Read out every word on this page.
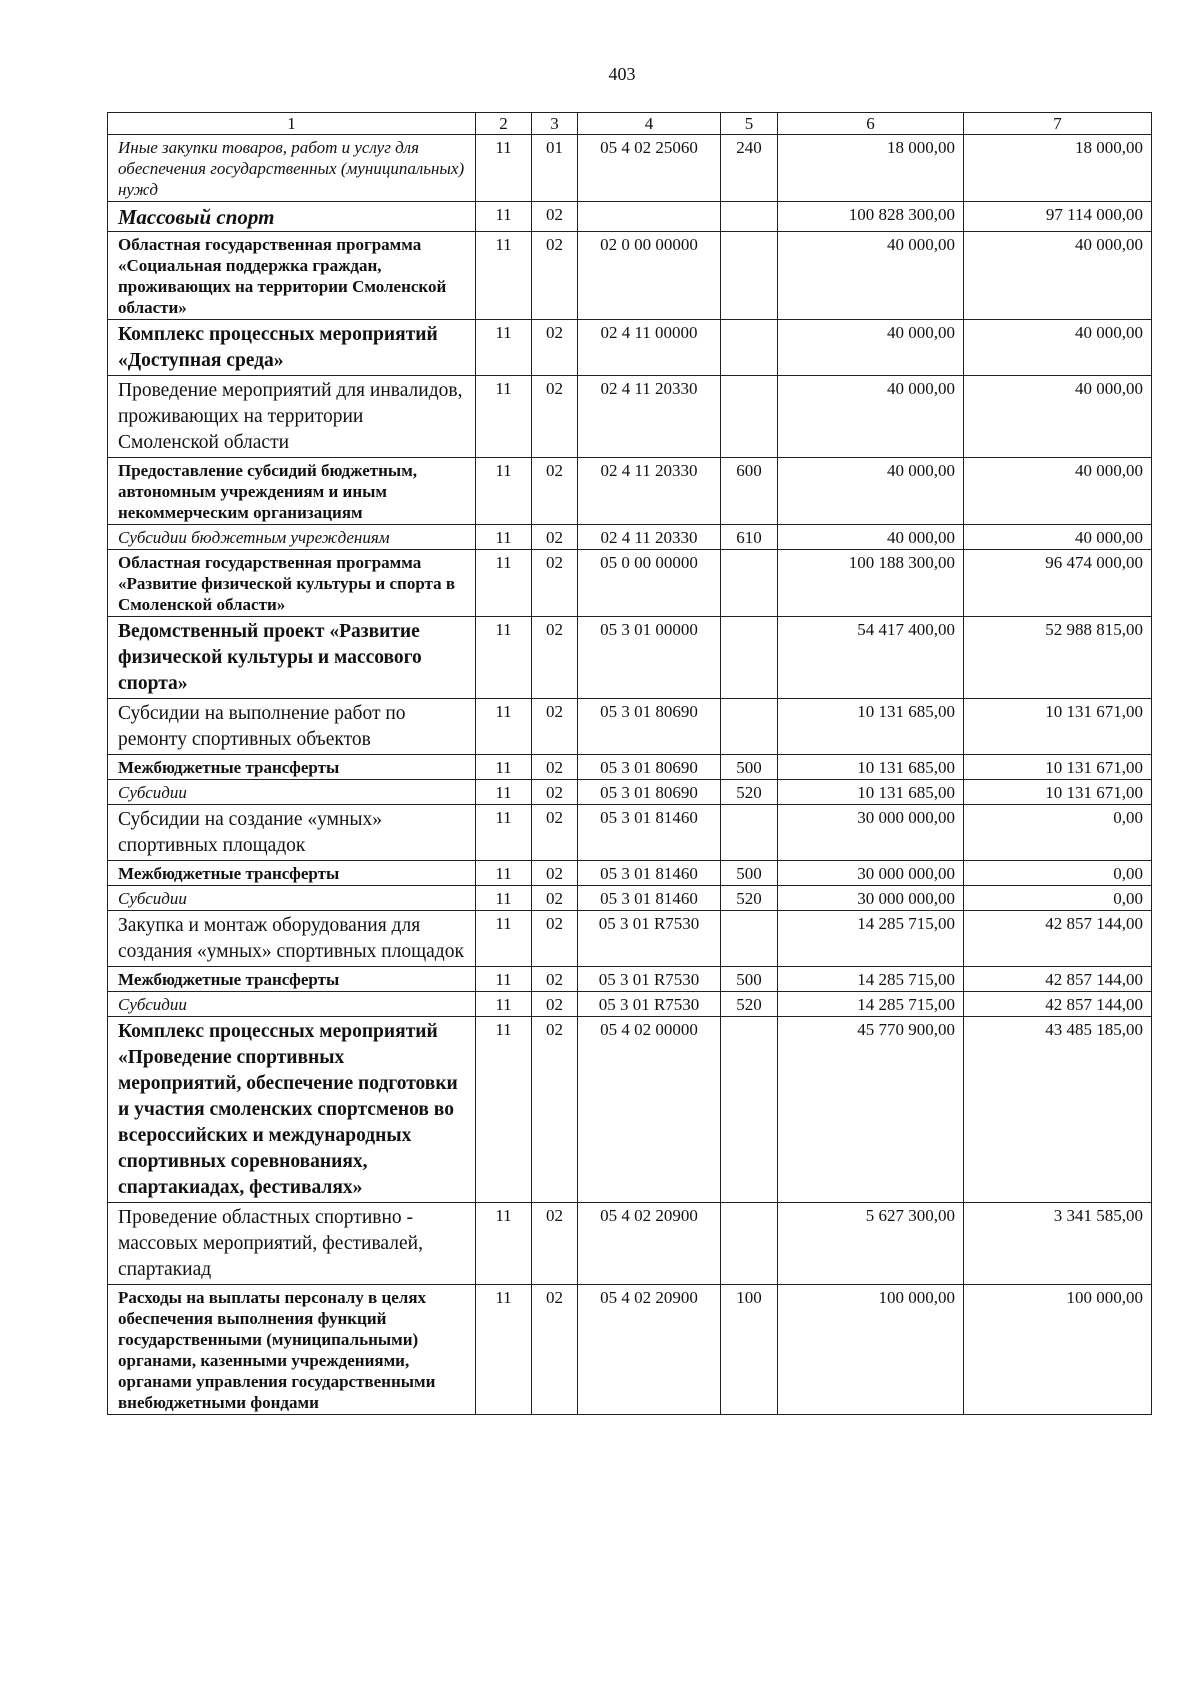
403
1	2	3	4	5	6	7
Иные закупки товаров, работ и услуг для обеспечения государственных (муниципальных) нужд	11	01	05 4 02 25060	240	18 000,00	18 000,00
Массовый спорт	11	02			100 828 300,00	97 114 000,00
Областная государственная программа «Социальная поддержка граждан, проживающих на территории Смоленской области»	11	02	02 0 00 00000		40 000,00	40 000,00
Комплекс процессных мероприятий «Доступная среда»	11	02	02 4 11 00000		40 000,00	40 000,00
Проведение мероприятий для инвалидов, проживающих на территории Смоленской области	11	02	02 4 11 20330		40 000,00	40 000,00
Предоставление субсидий бюджетным, автономным учреждениям и иным некоммерческим организациям	11	02	02 4 11 20330	600	40 000,00	40 000,00
Субсидии бюджетным учреждениям	11	02	02 4 11 20330	610	40 000,00	40 000,00
Областная государственная программа «Развитие физической культуры и спорта в Смоленской области»	11	02	05 0 00 00000		100 188 300,00	96 474 000,00
Ведомственный проект «Развитие физической культуры и массового спорта»	11	02	05 3 01 00000		54 417 400,00	52 988 815,00
Субсидии на выполнение работ по ремонту спортивных объектов	11	02	05 3 01 80690		10 131 685,00	10 131 671,00
Межбюджетные трансферты	11	02	05 3 01 80690	500	10 131 685,00	10 131 671,00
Субсидии	11	02	05 3 01 80690	520	10 131 685,00	10 131 671,00
Субсидии на создание «умных» спортивных площадок	11	02	05 3 01 81460		30 000 000,00	0,00
Межбюджетные трансферты	11	02	05 3 01 81460	500	30 000 000,00	0,00
Субсидии	11	02	05 3 01 81460	520	30 000 000,00	0,00
Закупка и монтаж оборудования для создания «умных» спортивных площадок	11	02	05 3 01 R7530		14 285 715,00	42 857 144,00
Межбюджетные трансферты	11	02	05 3 01 R7530	500	14 285 715,00	42 857 144,00
Субсидии	11	02	05 3 01 R7530	520	14 285 715,00	42 857 144,00
Комплекс процессных мероприятий «Проведение спортивных мероприятий, обеспечение подготовки и участия смоленских спортсменов во всероссийских и международных спортивных соревнованиях, спартакиадах, фестивалях»	11	02	05 4 02 00000		45 770 900,00	43 485 185,00
Проведение областных спортивно - массовых мероприятий, фестивалей, спартакиад	11	02	05 4 02 20900		5 627 300,00	3 341 585,00
Расходы на выплаты персоналу в целях обеспечения выполнения функций государственными (муниципальными) органами, казенными учреждениями, органами управления государственными внебюджетными фондами	11	02	05 4 02 20900	100	100 000,00	100 000,00
